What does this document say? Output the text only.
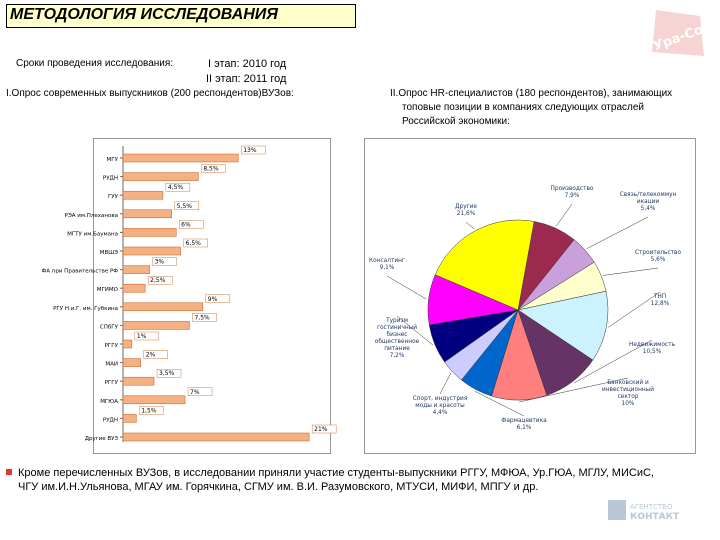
МЕТОДОЛОГИЯ ИССЛЕДОВАНИЯ
Ура-Со
Сроки проведения исследования:	I этап: 2010 год
II этап: 2011 год
I.Опрос современных выпускников (200 респондентов)ВУЗов:	II.Опрос HR-специалистов (180 респондентов), занимающих
топовые позиции в компаниях следующих отраслей
Российской экономики:
МГУ
13%
РУДН
8,5%
ГУУ
4,5%
РЭА им.Плеханова
5,5%
МГТУ им.Баумана
6%
МВШЭ
6,5%
ФА при Правительстве РФ
3%
МГИМО
2,5%
РГУ Н.и.Г. им. Губкина
9%
СПбГУ
7,5%
РГГУ
1%
МАИ
2%
РГГУ
3,5%
МГЮА
7%
РУДН
1,5%
Другие ВУЗ
21%
Производство 7,9%	Связь/телекоммун икации 5,4%
Строительство 5,6%
ТНП 12,8%
Недвижимость 10,5%
Банковский и инвестиционный сектор 10%
Фармацевтика 6,1%
Спорт, индустрия моды и красоты 4,4%
Туризм гостиничный бизнес общественное питание 7,2%
Консалтинг 9,1%
Другие 21,6%
Кроме перечисленных ВУЗов, в исследовании приняли участие студенты-выпускники РГГУ, МФЮА, Ур.ГЮА, МГЛУ, МИСиС,
ЧГУ им.И.Н.Ульянова, МГАУ им. Горячкина, СГМУ им. В.И. Разумовского, МТУСИ, МИФИ, МПГУ и др.
АГЕНТСТВО
КОНТАКТ
